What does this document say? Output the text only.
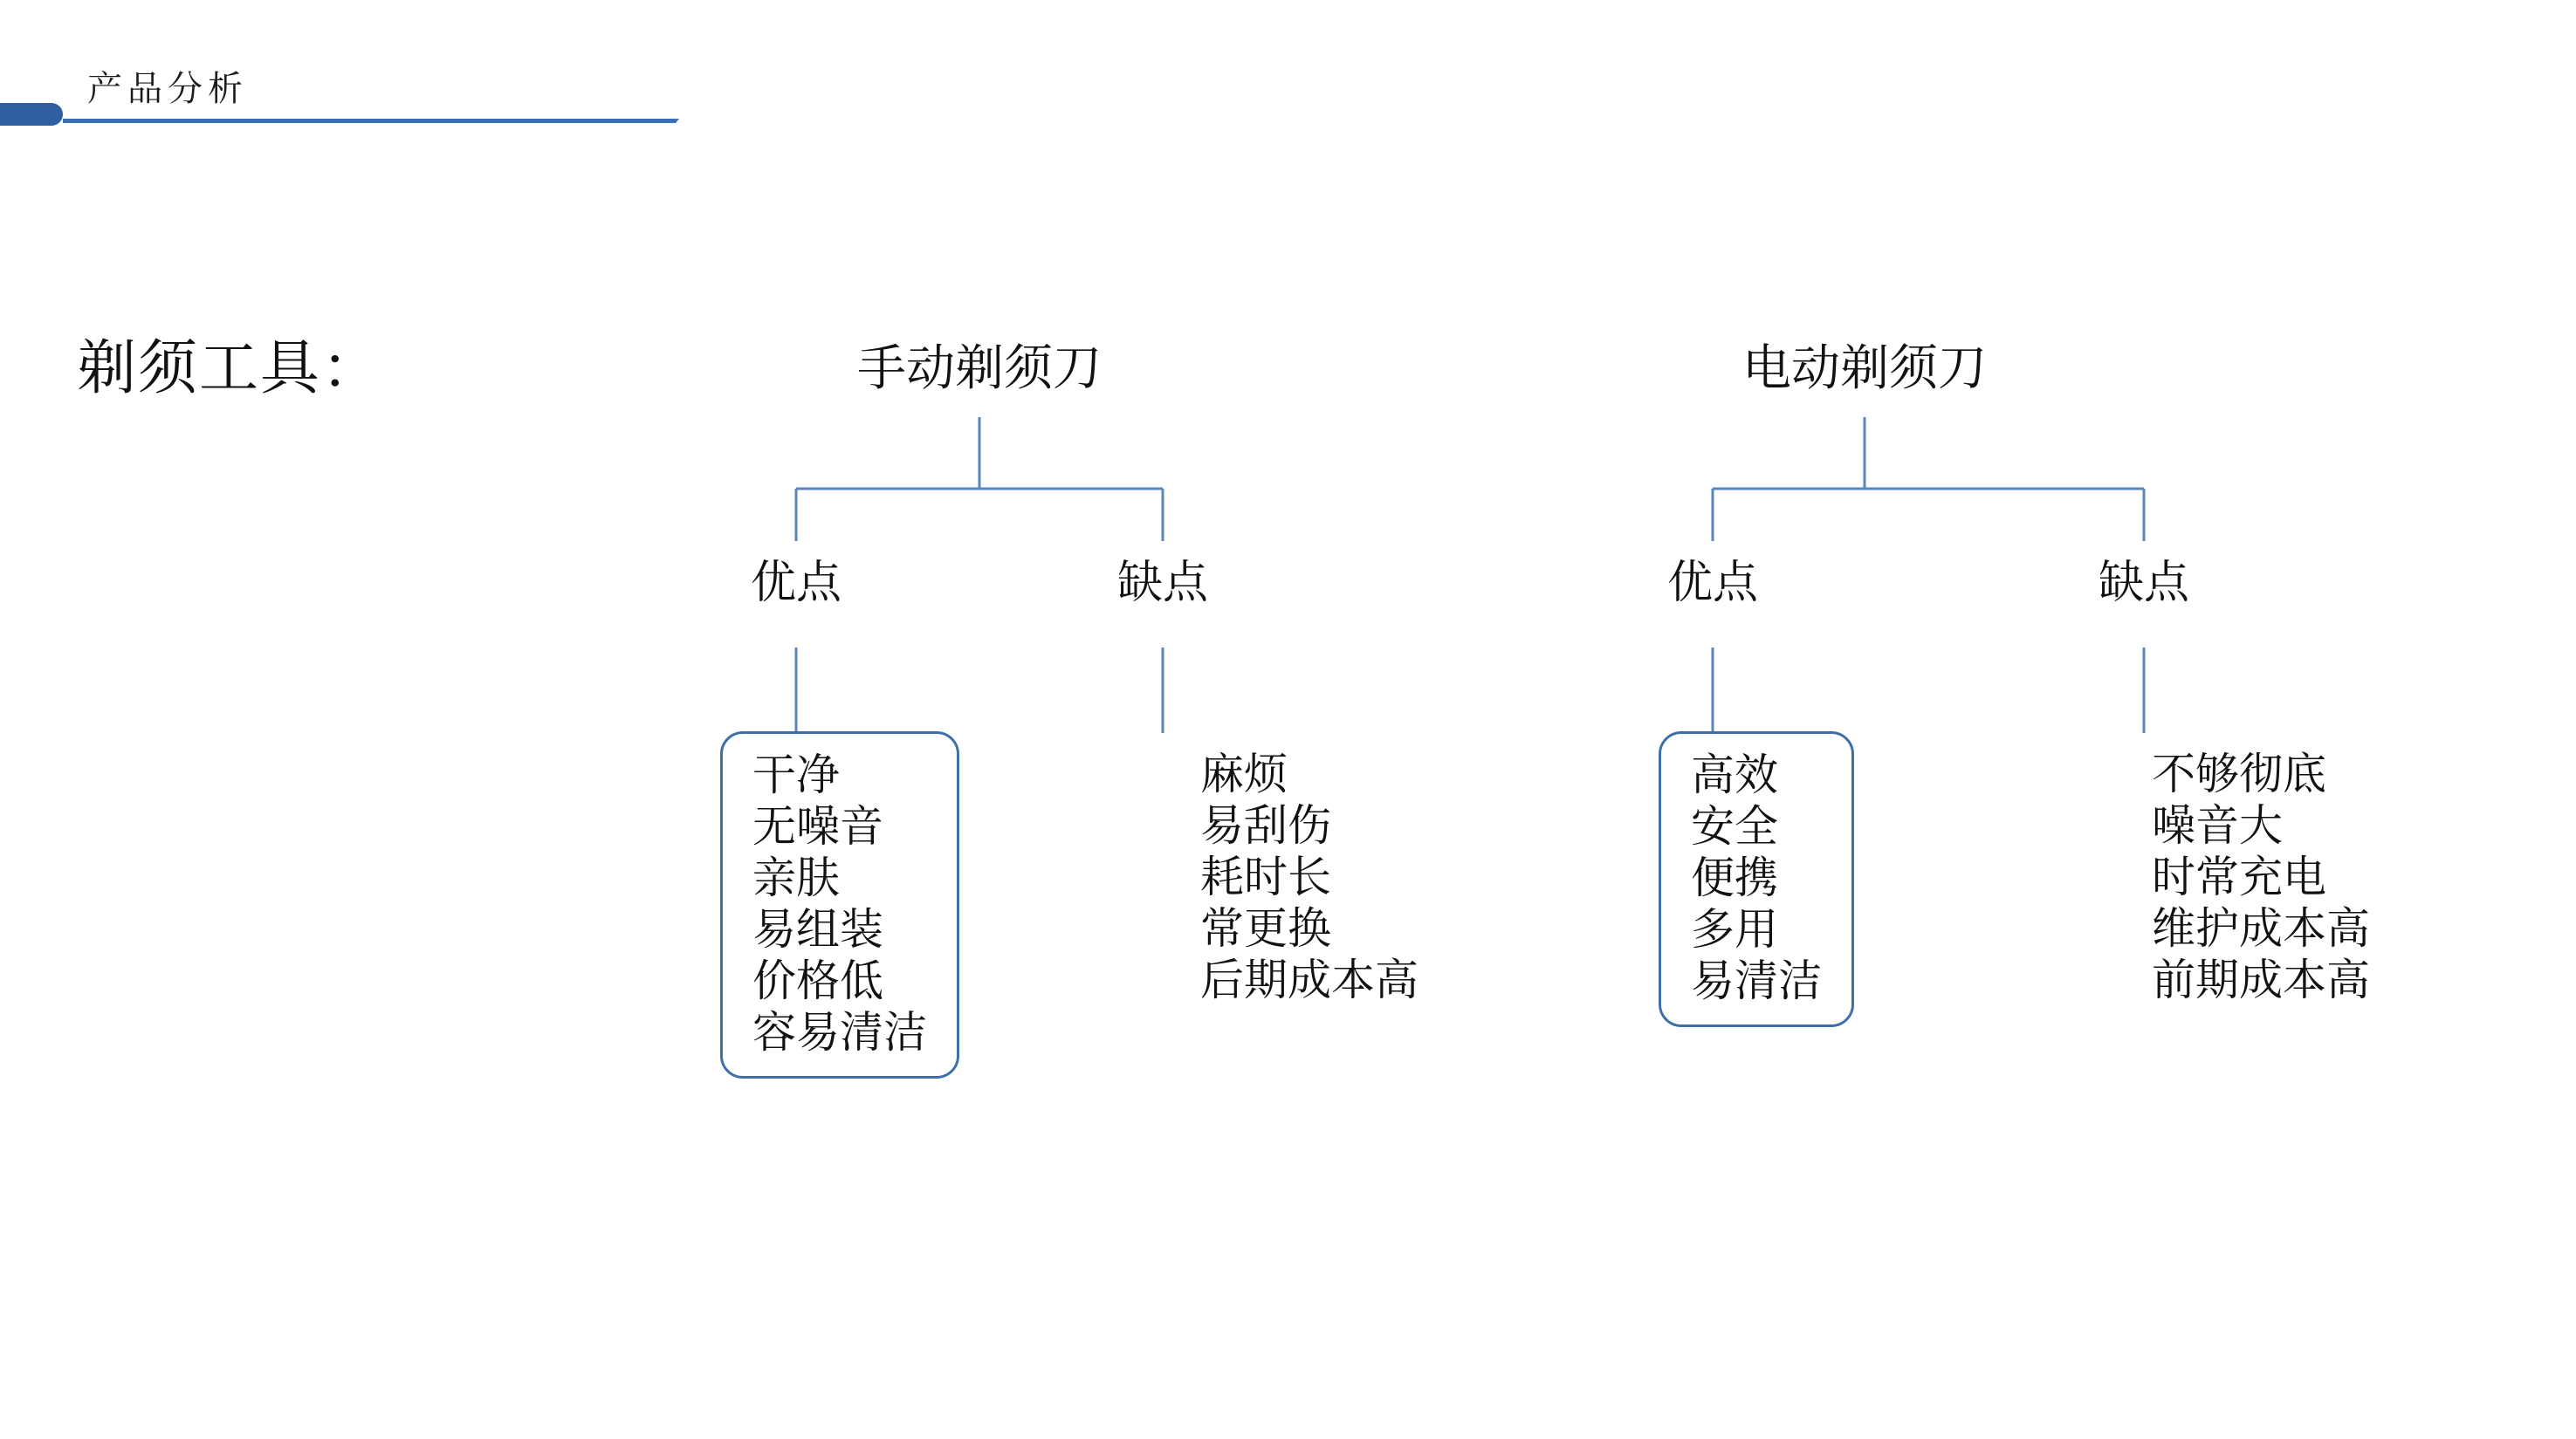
产品分析
剃须工具：	手动剃须刀
优点	缺点
干净
无噪音
亲肤
易组装
价格低
容易清洁
麻烦
易刮伤
耗时长
常更换
后期成本高
电动剃须刀
优点	缺点
高效
安全
便携
多用
易清洁
不够彻底
噪音大
时常充电
维护成本高
前期成本高
